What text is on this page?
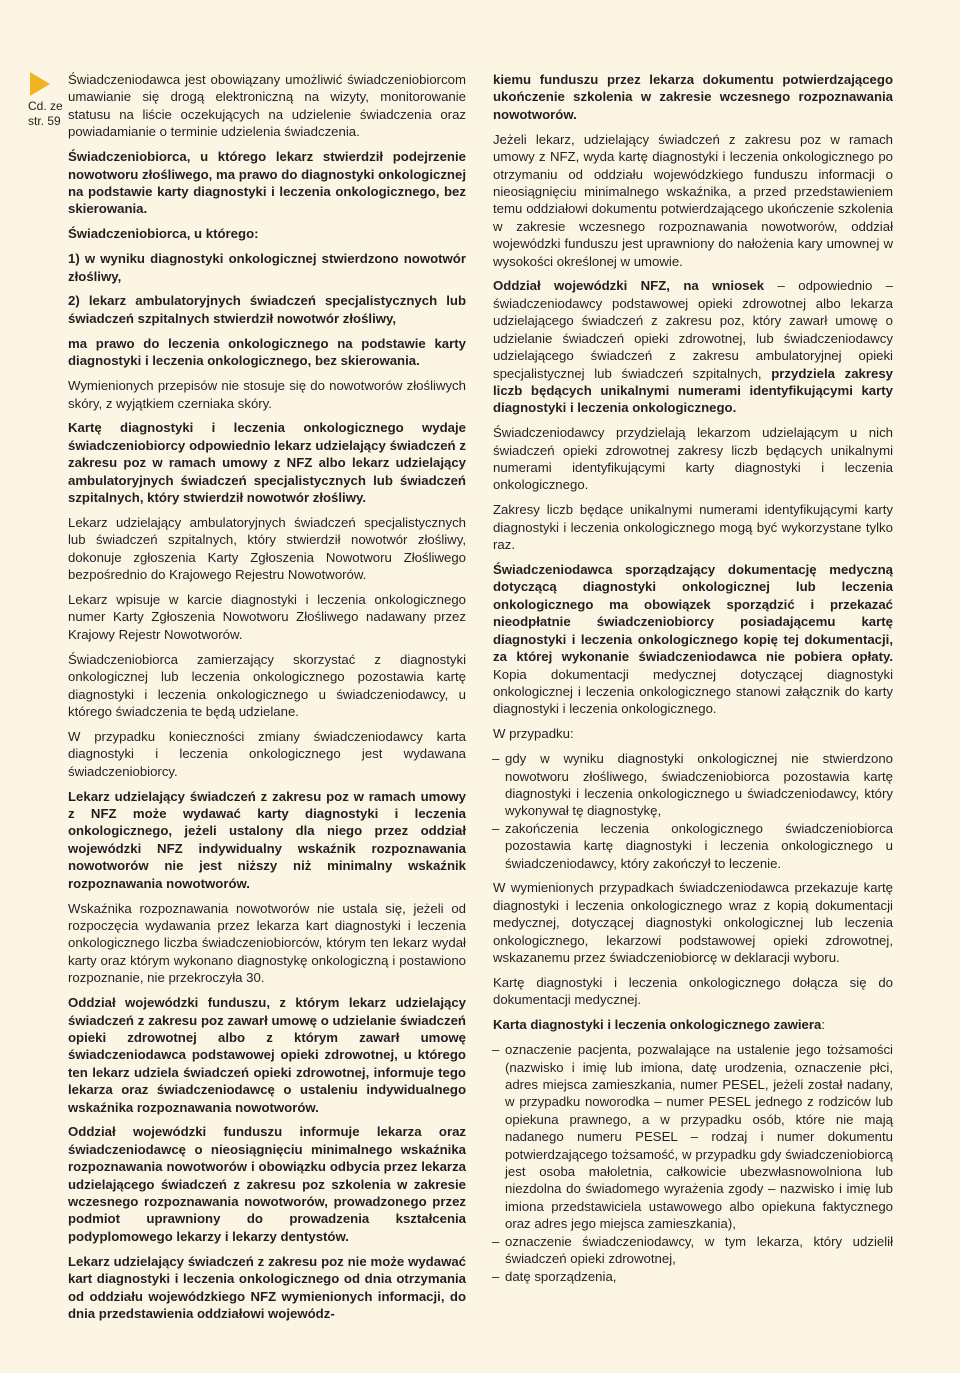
Cd. ze str. 59

Świadczeniodawca jest obowiązany umożliwić świadczeniobiorcom umawianie się drogą elektroniczną na wizyty, monitorowanie statusu na liście oczekujących na udzielenie świadczenia oraz powiadamianie o terminie udzielenia świadczenia.

Świadczeniobiorca, u którego lekarz stwierdził podejrzenie nowotworu złośliwego, ma prawo do diagnostyki onkologicznej na podstawie karty diagnostyki i leczenia onkologicznego, bez skierowania.

Świadczeniobiorca, u którego:

1) w wyniku diagnostyki onkologicznej stwierdzono nowotwór złośliwy,

2) lekarz ambulatoryjnych świadczeń specjalistycznych lub świadczeń szpitalnych stwierdził nowotwór złośliwy,

ma prawo do leczenia onkologicznego na podstawie karty diagnostyki i leczenia onkologicznego, bez skierowania.

Wymienionych przepisów nie stosuje się do nowotworów złośliwych skóry, z wyjątkiem czerniaka skóry.

Kartę diagnostyki i leczenia onkologicznego wydaje świadczeniobiorcy odpowiednio lekarz udzielający świadczeń z zakresu poz w ramach umowy z NFZ albo lekarz udzielający ambulatoryjnych świadczeń specjalistycznych lub świadczeń szpitalnych, który stwierdził nowotwór złośliwy.

Lekarz udzielający ambulatoryjnych świadczeń specjalistycznych lub świadczeń szpitalnych, który stwierdził nowotwór złośliwy, dokonuje zgłoszenia Karty Zgłoszenia Nowotworu Złośliwego bezpośrednio do Krajowego Rejestru Nowotworów.

Lekarz wpisuje w karcie diagnostyki i leczenia onkologicznego numer Karty Zgłoszenia Nowotworu Złośliwego nadawany przez Krajowy Rejestr Nowotworów.

Świadczeniobiorca zamierzający skorzystać z diagnostyki onkologicznej lub leczenia onkologicznego pozostawia kartę diagnostyki i leczenia onkologicznego u świadczeniodawcy, u którego świadczenia te będą udzielane.

W przypadku konieczności zmiany świadczeniodawcy karta diagnostyki i leczenia onkologicznego jest wydawana świadczeniobiorcy.

Lekarz udzielający świadczeń z zakresu poz w ramach umowy z NFZ może wydawać karty diagnostyki i leczenia onkologicznego, jeżeli ustalony dla niego przez oddział wojewódzki NFZ indywidualny wskaźnik rozpoznawania nowotworów nie jest niższy niż minimalny wskaźnik rozpoznawania nowotworów.

Wskaźnika rozpoznawania nowotworów nie ustala się, jeżeli od rozpoczęcia wydawania przez lekarza kart diagnostyki i leczenia onkologicznego liczba świadczeniobiorców, którym ten lekarz wydał karty oraz którym wykonano diagnostykę onkologiczną i postawiono rozpoznanie, nie przekroczyła 30.

Oddział wojewódzki funduszu, z którym lekarz udzielający świadczeń z zakresu poz zawarł umowę o udzielanie świadczeń opieki zdrowotnej albo z którym zawarł umowę świadczeniodawca podstawowej opieki zdrowotnej, u którego ten lekarz udziela świadczeń opieki zdrowotnej, informuje tego lekarza oraz świadczeniodawcę o ustaleniu indywidualnego wskaźnika rozpoznawania nowotworów.

Oddział wojewódzki funduszu informuje lekarza oraz świadczeniodawcę o nieosiągnięciu minimalnego wskaźnika rozpoznawania nowotworów i obowiązku odbycia przez lekarza udzielającego świadczeń z zakresu poz szkolenia w zakresie wczesnego rozpoznawania nowotworów, prowadzonego przez podmiot uprawniony do prowadzenia kształcenia podyplomowego lekarzy i lekarzy dentystów.

Lekarz udzielający świadczeń z zakresu poz nie może wydawać kart diagnostyki i leczenia onkologicznego od dnia otrzymania od oddziału wojewódzkiego NFZ wymienionych informacji, do dnia przedstawienia oddziałowi wojewódz-

kiemu funduszu przez lekarza dokumentu potwierdzającego ukończenie szkolenia w zakresie wczesnego rozpoznawania nowotworów.

Jeżeli lekarz, udzielający świadczeń z zakresu poz w ramach umowy z NFZ, wyda kartę diagnostyki i leczenia onkologicznego po otrzymaniu od oddziału wojewódzkiego funduszu informacji o nieosiągnięciu minimalnego wskaźnika, a przed przedstawieniem temu oddziałowi dokumentu potwierdzającego ukończenie szkolenia w zakresie wczesnego rozpoznawania nowotworów, oddział wojewódzki funduszu jest uprawniony do nałożenia kary umownej w wysokości określonej w umowie.

Oddział wojewódzki NFZ, na wniosek – odpowiednio – świadczeniodawcy podstawowej opieki zdrowotnej albo lekarza udzielającego świadczeń z zakresu poz, który zawarł umowę o udzielanie świadczeń opieki zdrowotnej, lub świadczeniodawcy udzielającego świadczeń z zakresu ambulatoryjnej opieki specjalistycznej lub świadczeń szpitalnych, przydziela zakresy liczb będących unikalnymi numerami identyfikującymi karty diagnostyki i leczenia onkologicznego.

Świadczeniodawcy przydzielają lekarzom udzielającym u nich świadczeń opieki zdrowotnej zakresy liczb będących unikalnymi numerami identyfikującymi karty diagnostyki i leczenia onkologicznego.

Zakresy liczb będące unikalnymi numerami identyfikującymi karty diagnostyki i leczenia onkologicznego mogą być wykorzystane tylko raz.

Świadczeniodawca sporządzający dokumentację medyczną dotyczącą diagnostyki onkologicznej lub leczenia onkologicznego ma obowiązek sporządzić i przekazać nieodpłatnie świadczeniobiorcy posiadającemu kartę diagnostyki i leczenia onkologicznego kopię tej dokumentacji, za której wykonanie świadczeniodawca nie pobiera opłaty. Kopia dokumentacji medycznej dotyczącej diagnostyki onkologicznej i leczenia onkologicznego stanowi załącznik do karty diagnostyki i leczenia onkologicznego.

W przypadku:

– gdy w wyniku diagnostyki onkologicznej nie stwierdzono nowotworu złośliwego, świadczeniobiorca pozostawia kartę diagnostyki i leczenia onkologicznego u świadczeniodawcy, który wykonywał tę diagnostykę,
– zakończenia leczenia onkologicznego świadczeniobiorca pozostawia kartę diagnostyki i leczenia onkologicznego u świadczeniodawcy, który zakończył to leczenie.

W wymienionych przypadkach świadczeniodawca przekazuje kartę diagnostyki i leczenia onkologicznego wraz z kopią dokumentacji medycznej, dotyczącej diagnostyki onkologicznej lub leczenia onkologicznego, lekarzowi podstawowej opieki zdrowotnej, wskazanemu przez świadczeniobiorcę w deklaracji wyboru.

Kartę diagnostyki i leczenia onkologicznego dołącza się do dokumentacji medycznej.

Karta diagnostyki i leczenia onkologicznego zawiera:

– oznaczenie pacjenta, pozwalające na ustalenie jego tożsamości (nazwisko i imię lub imiona, datę urodzenia, oznaczenie płci, adres miejsca zamieszkania, numer PESEL, jeżeli został nadany, w przypadku noworodka – numer PESEL jednego z rodziców lub opiekuna prawnego, a w przypadku osób, które nie mają nadanego numeru PESEL – rodzaj i numer dokumentu potwierdzającego tożsamość, w przypadku gdy świadczeniobiorcą jest osoba małoletnia, całkowicie ubezwłasnowolniona lub niezdolna do świadomego wyrażenia zgody – nazwisko i imię lub imiona przedstawiciela ustawowego albo opiekuna faktycznego oraz adres jego miejsca zamieszkania),
– oznaczenie świadczeniodawcy, w tym lekarza, który udzielił świadczeń opieki zdrowotnej,
– datę sporządzenia,
